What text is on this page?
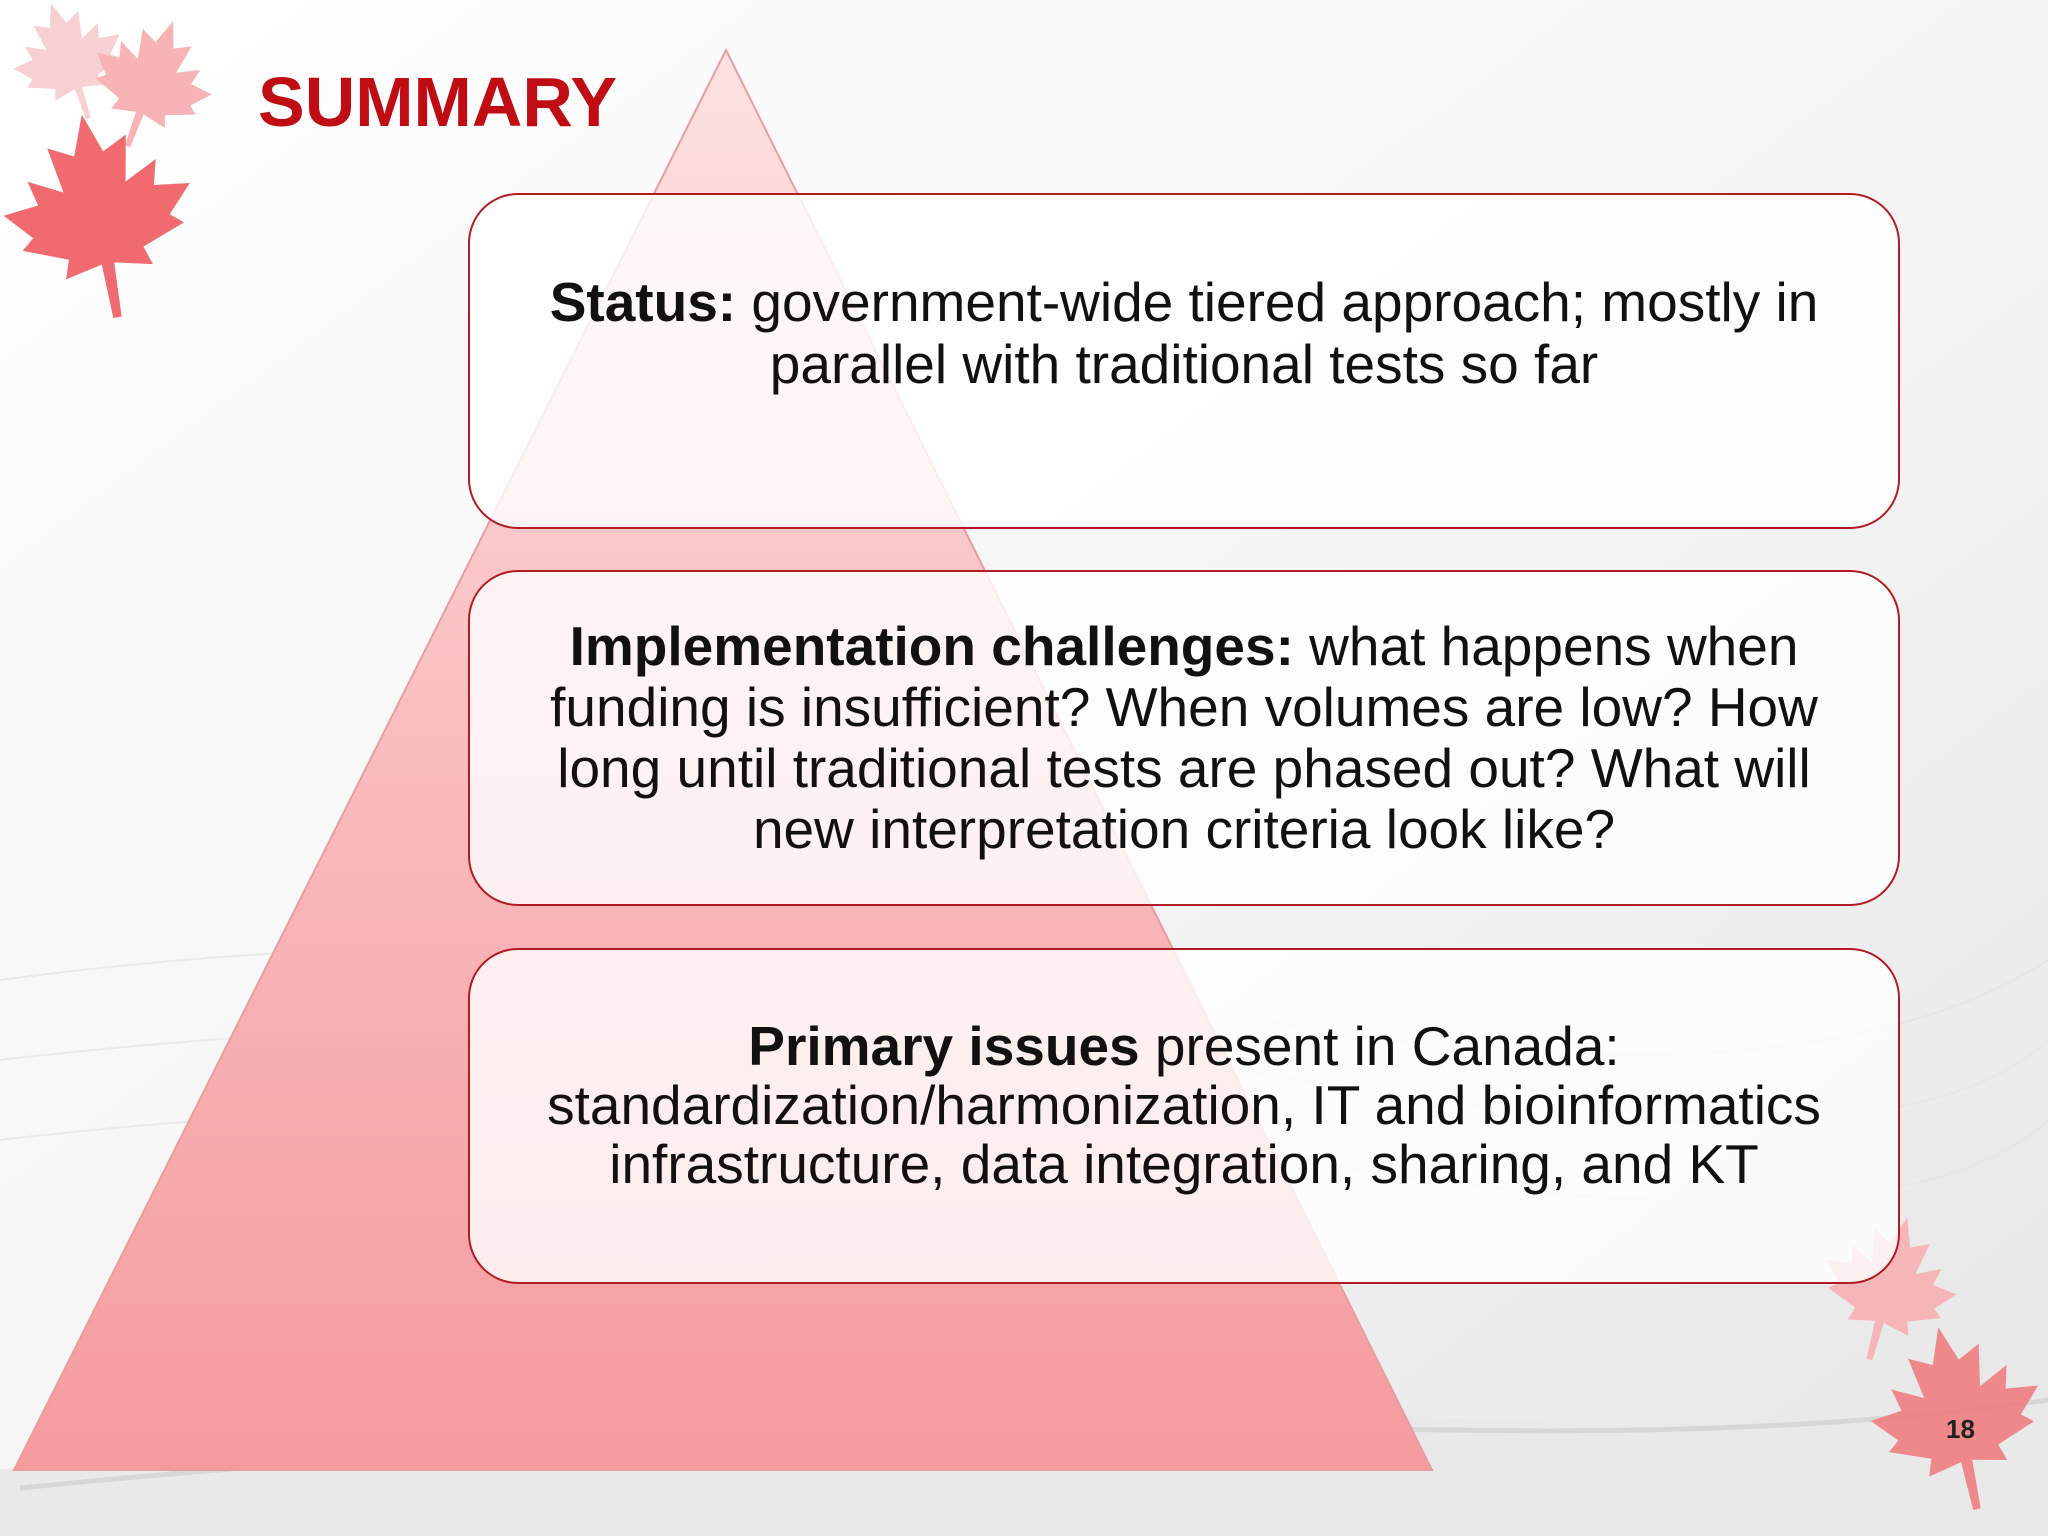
SUMMARY

Status: government-wide tiered approach; mostly in parallel with traditional tests so far

Implementation challenges: what happens when funding is insufficient? When volumes are low? How long until traditional tests are phased out? What will new interpretation criteria look like?

Primary issues present in Canada: standardization/harmonization, IT and bioinformatics infrastructure, data integration, sharing, and KT

18
